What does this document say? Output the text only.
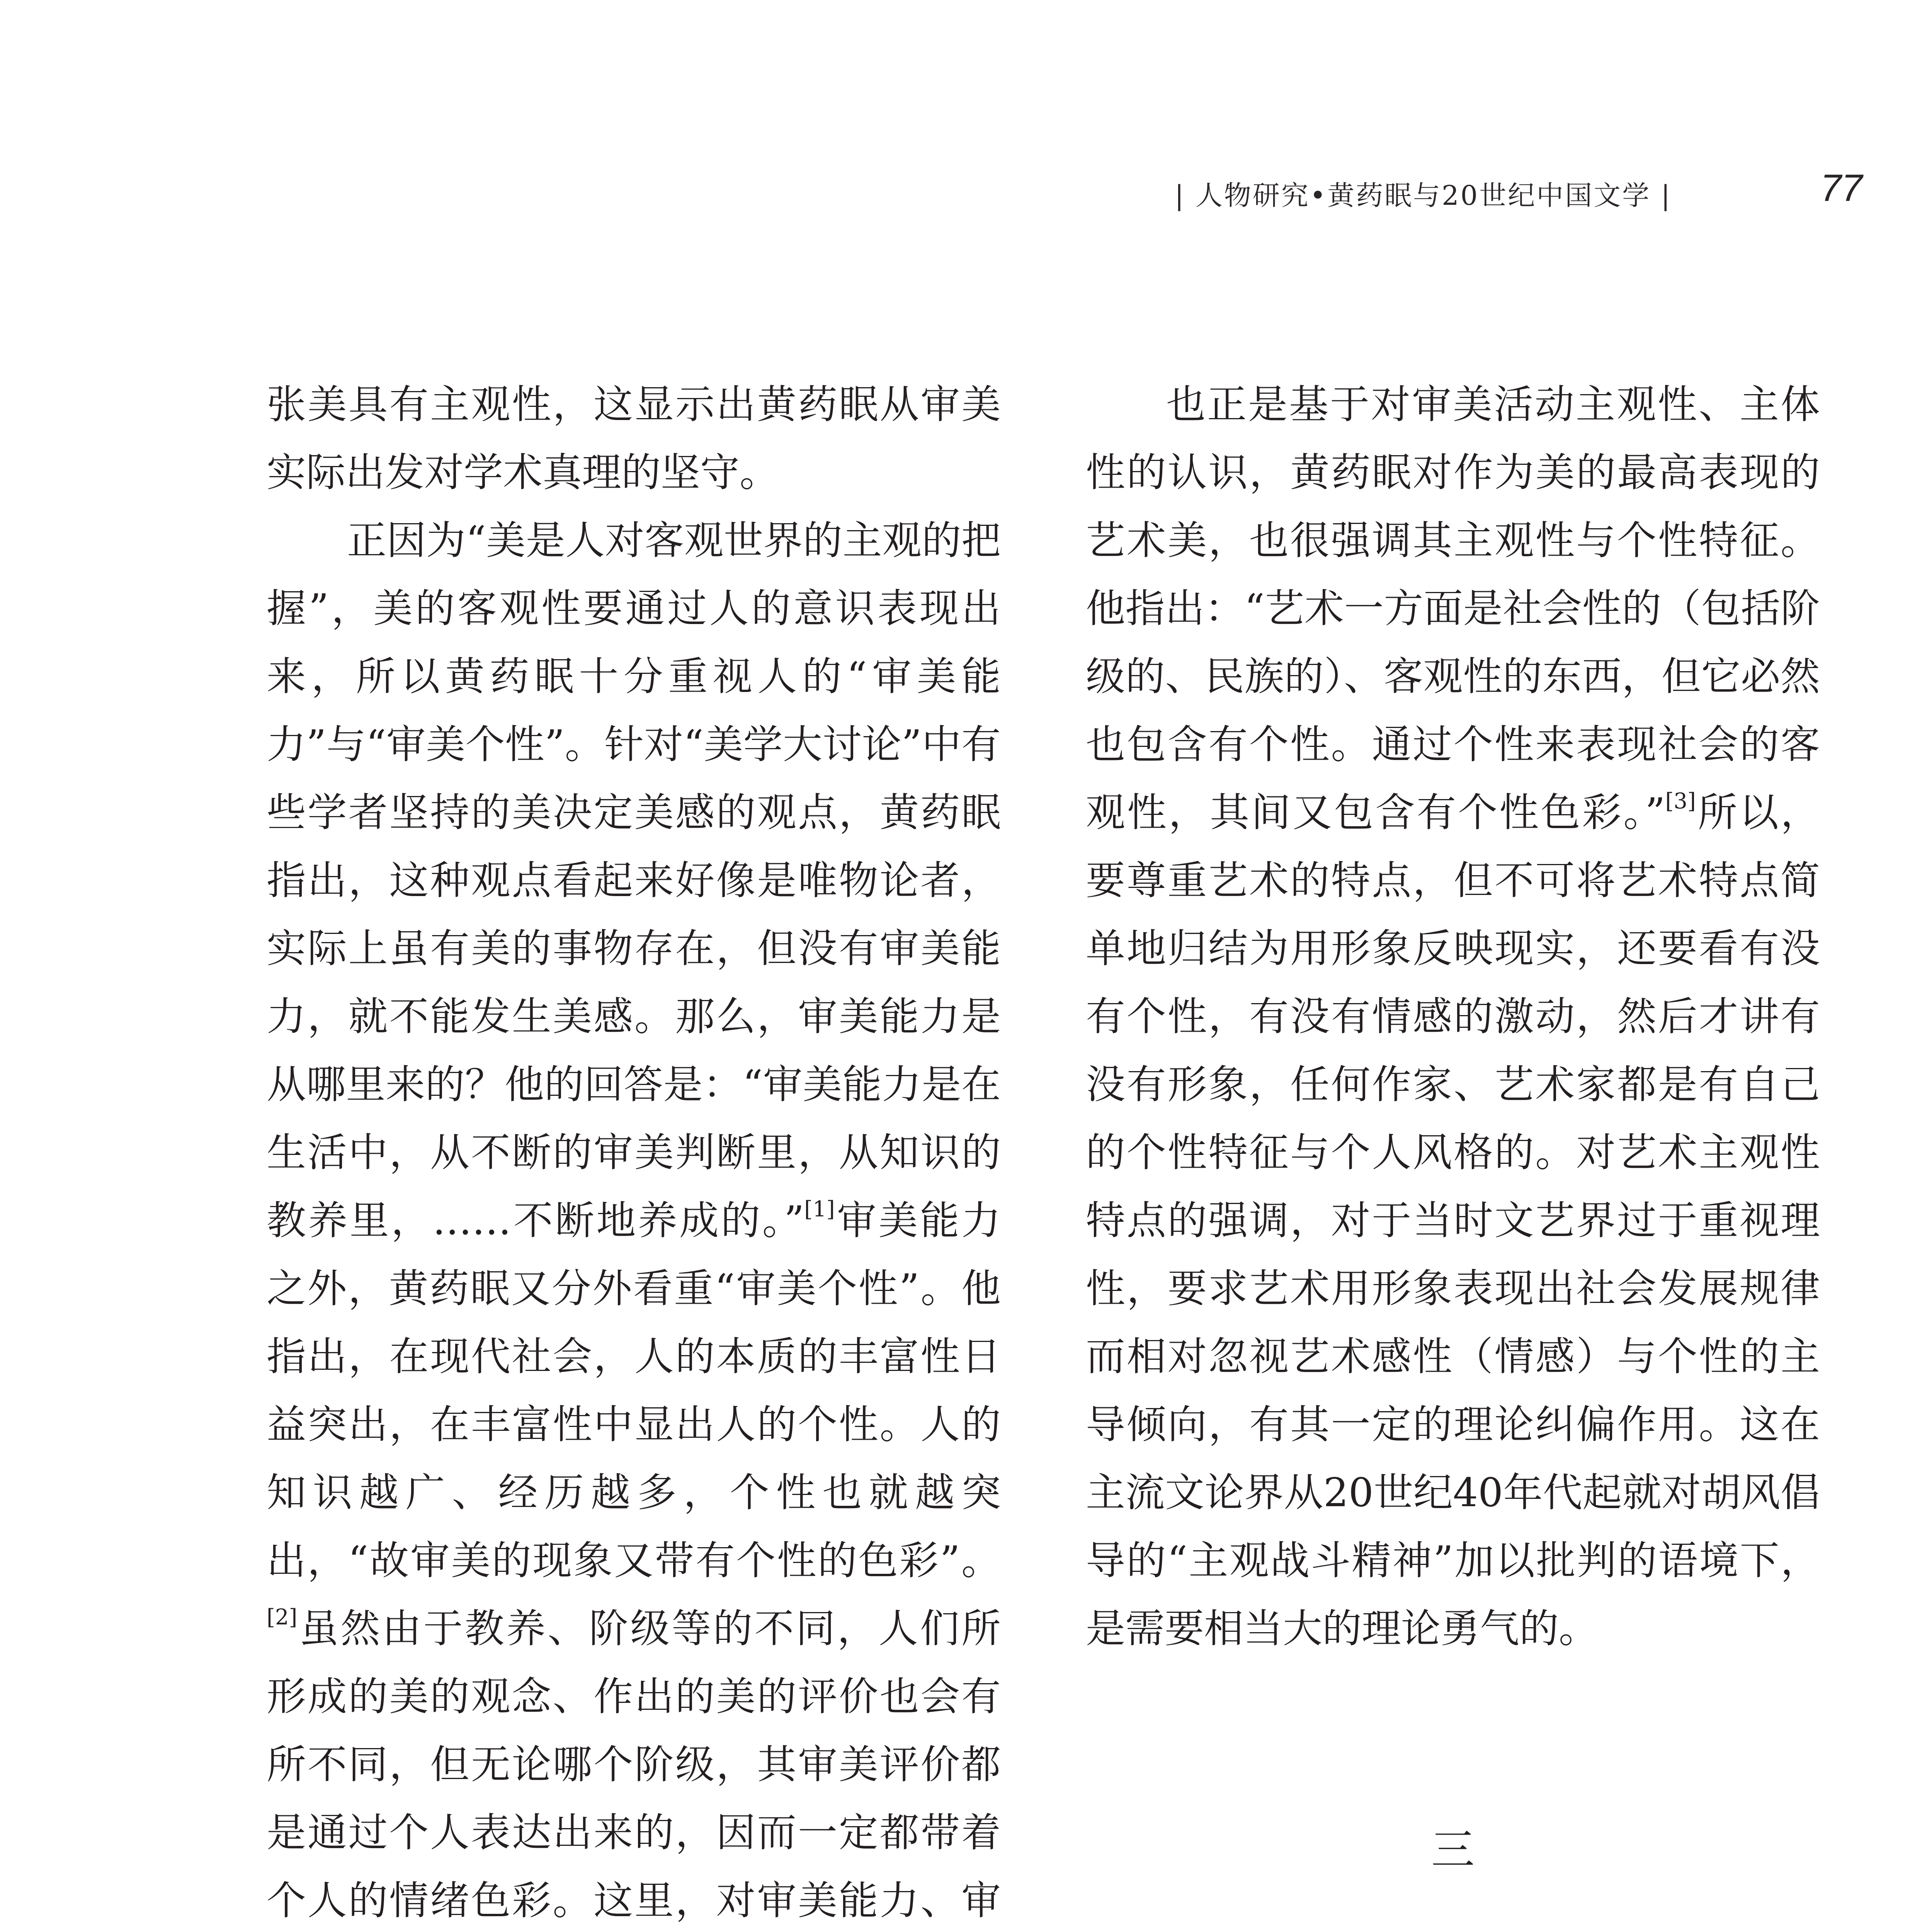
| 人物研究•黄药眠与20世纪中国文学 |	77

张美具有主观性，这显示出黄药眠从审美实际出发对学术真理的坚守。

正因为“美是人对客观世界的主观的把握”，美的客观性要通过人的意识表现出来，所以黄药眠十分重视人的“审美能力”与“审美个性”。针对“美学大讨论”中有些学者坚持的美决定美感的观点，黄药眠指出，这种观点看起来好像是唯物论者，实际上虽有美的事物存在，但没有审美能力，就不能发生美感。那么，审美能力是从哪里来的？他的回答是：“审美能力是在生活中，从不断的审美判断里，从知识的教养里，……不断地养成的。”[1]审美能力之外，黄药眠又分外看重“审美个性”。他指出，在现代社会，人的本质的丰富性日益突出，在丰富性中显出人的个性。人的知识越广、经历越多，个性也就越突出，“故审美的现象又带有个性的色彩”。[2]虽然由于教养、阶级等的不同，人们所形成的美的观念、作出的美的评价也会有所不同，但无论哪个阶级，其审美评价都是通过个人表达出来的，因而一定都带着个人的情绪色彩。这里，对审美能力、审

也正是基于对审美活动主观性、主体性的认识，黄药眠对作为美的最高表现的艺术美，也很强调其主观性与个性特征。他指出：“艺术一方面是社会性的（包括阶级的、民族的）、客观性的东西，但它必然也包含有个性。通过个性来表现社会的客观性，其间又包含有个性色彩。”[3]所以，要尊重艺术的特点，但不可将艺术特点简单地归结为用形象反映现实，还要看有没有个性，有没有情感的激动，然后才讲有没有形象，任何作家、艺术家都是有自己的个性特征与个人风格的。对艺术主观性特点的强调，对于当时文艺界过于重视理性，要求艺术用形象表现出社会发展规律而相对忽视艺术感性（情感）与个性的主导倾向，有其一定的理论纠偏作用。这在主流文论界从20世纪40年代起就对胡风倡导的“主观战斗精神”加以批判的语境下，是需要相当大的理论勇气的。

三
